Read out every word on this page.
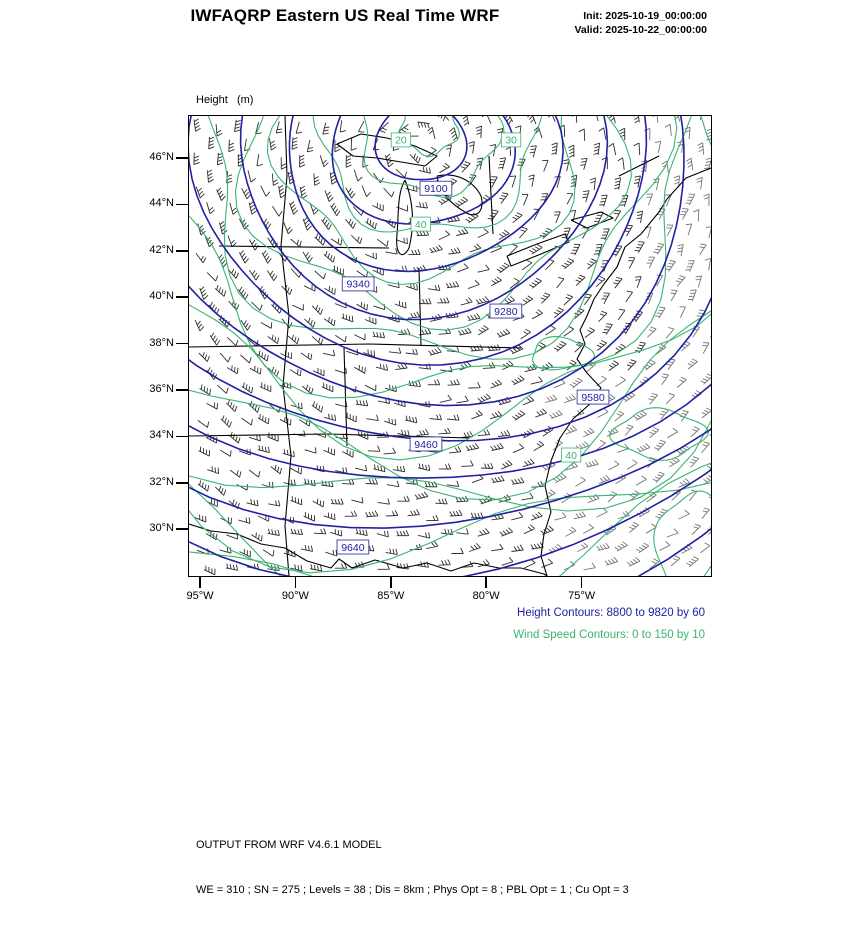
IWFAQRP Eastern US Real Time WRF	Init: 2025-10-19_00:00:00
Valid: 2025-10-22_00:00:00

Height   (m)

9100
9340
9280
9460
9580
9640
20	30
40
40
46°N
44°N
42°N
40°N
38°N
36°N
34°N
32°N
30°N
95°W	90°W	85°W	80°W	75°W
Height Contours: 8800 to 9820 by 60
Wind Speed Contours: 0 to 150 by 10

OUTPUT FROM WRF V4.6.1 MODEL

WE = 310 ; SN = 275 ; Levels = 38 ; Dis = 8km ; Phys Opt = 8 ; PBL Opt = 1 ; Cu Opt = 3
